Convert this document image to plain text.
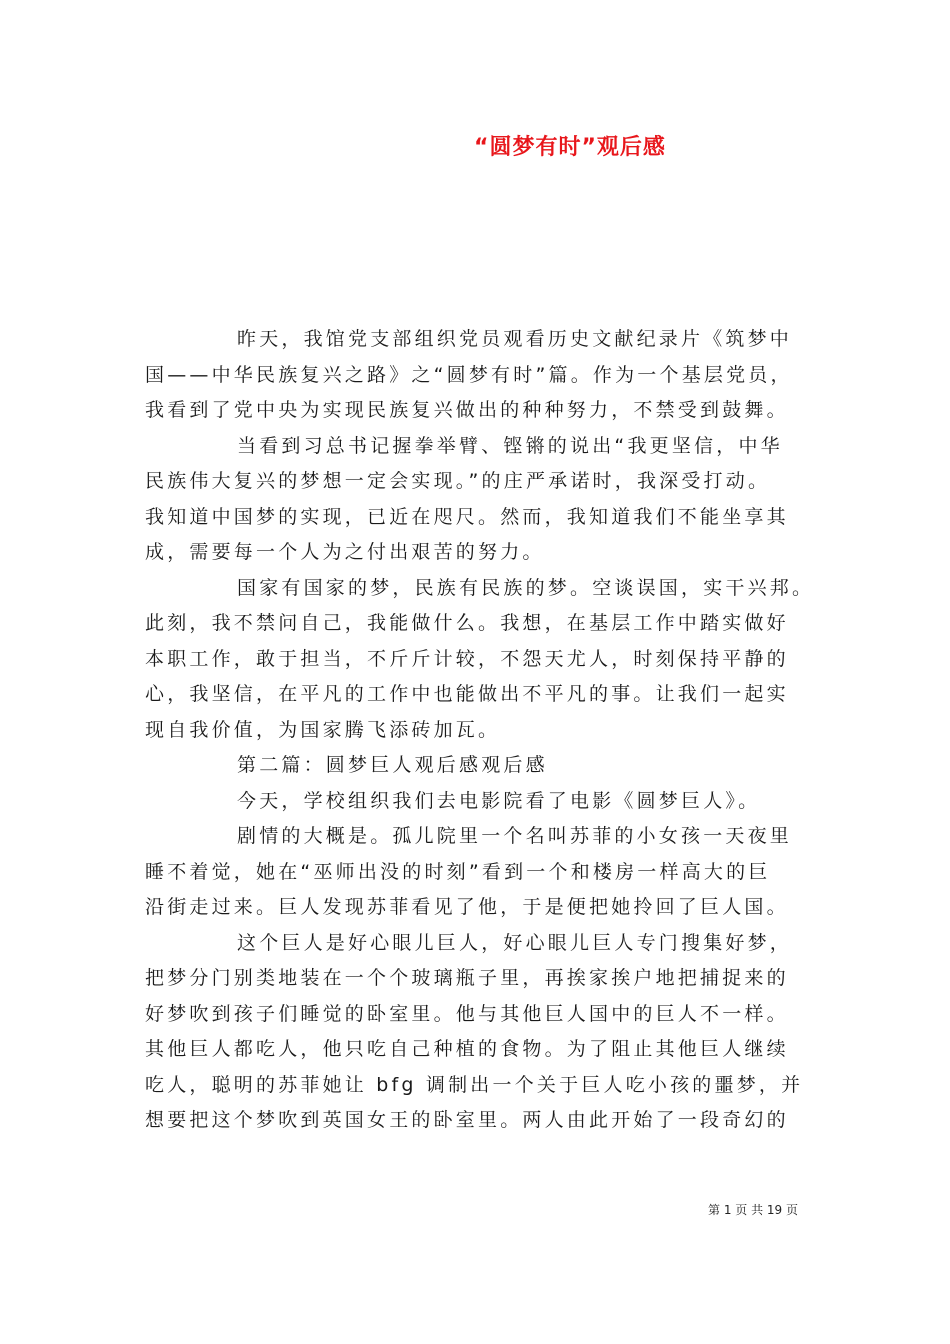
“圆梦有时”观后感
昨天，我馆党支部组织党员观看历史文献纪录片《筑梦中
国——中华民族复兴之路》之“圆梦有时”篇。作为一个基层党员，
我看到了党中央为实现民族复兴做出的种种努力，不禁受到鼓舞。
当看到习总书记握拳举臂、铿锵的说出“我更坚信，中华
民族伟大复兴的梦想一定会实现。”的庄严承诺时，我深受打动。
我知道中国梦的实现，已近在咫尺。然而，我知道我们不能坐享其
成，需要每一个人为之付出艰苦的努力。
国家有国家的梦，民族有民族的梦。空谈误国，实干兴邦。
此刻，我不禁问自己，我能做什么。我想，在基层工作中踏实做好
本职工作，敢于担当，不斤斤计较，不怨天尤人，时刻保持平静的
心，我坚信，在平凡的工作中也能做出不平凡的事。让我们一起实
现自我价值，为国家腾飞添砖加瓦。
第二篇：圆梦巨人观后感观后感
今天，学校组织我们去电影院看了电影《圆梦巨人》。
剧情的大概是。孤儿院里一个名叫苏菲的小女孩一天夜里
睡不着觉，她在“巫师出没的时刻”看到一个和楼房一样高大的巨
沿街走过来。巨人发现苏菲看见了他，于是便把她拎回了巨人国。
这个巨人是好心眼儿巨人，好心眼儿巨人专门搜集好梦，
把梦分门别类地装在一个个玻璃瓶子里，再挨家挨户地把捕捉来的
好梦吹到孩子们睡觉的卧室里。他与其他巨人国中的巨人不一样。
其他巨人都吃人，他只吃自己种植的食物。为了阻止其他巨人继续
吃人，聪明的苏菲她让 bfg 调制出一个关于巨人吃小孩的噩梦，并
想要把这个梦吹到英国女王的卧室里。两人由此开始了一段奇幻的
第 1 页 共 19 页
